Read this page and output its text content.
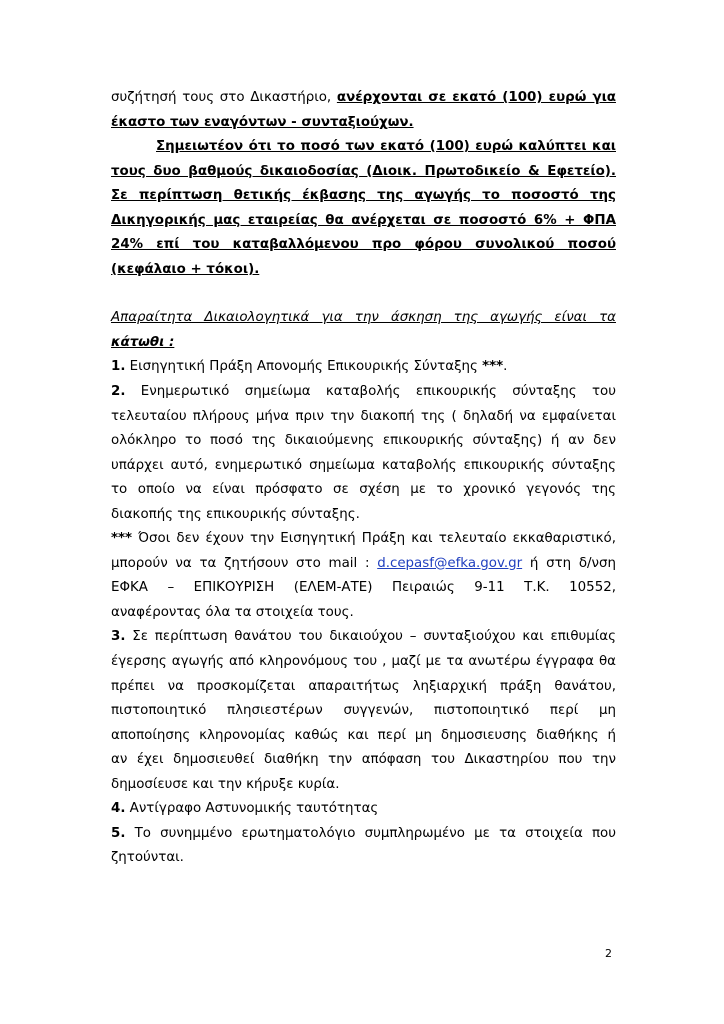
συζήτησή τους στο Δικαστήριο, ανέρχονται σε εκατό (100) ευρώ για
έκαστο των εναγόντων - συνταξιούχων.
Σημειωτέον ότι το ποσό των εκατό (100) ευρώ καλύπτει και
τους δυο βαθμούς δικαιοδοσίας (Διοικ. Πρωτοδικείο & Εφετείο).
Σε περίπτωση θετικής έκβασης της αγωγής το ποσοστό της
Δικηγορικής μας εταιρείας θα ανέρχεται σε ποσοστό 6% + ΦΠΑ
24% επί του καταβαλλόμενου προ φόρου συνολικού ποσού
(κεφάλαιο + τόκοι).
Απαραίτητα Δικαιολογητικά για την άσκηση της αγωγής είναι τα
κάτωθι :
1. Εισηγητική Πράξη Απονομής Επικουρικής Σύνταξης ***.
2. Ενημερωτικό σημείωμα καταβολής επικουρικής σύνταξης του
τελευταίου πλήρους μήνα πριν την διακοπή της ( δηλαδή να εμφαίνεται
ολόκληρο το ποσό της δικαιούμενης επικουρικής σύνταξης) ή αν δεν
υπάρχει αυτό, ενημερωτικό σημείωμα καταβολής επικουρικής σύνταξης
το οποίο να είναι πρόσφατο σε σχέση με το χρονικό γεγονός της
διακοπής της επικουρικής σύνταξης.
*** Όσοι δεν έχουν την Εισηγητική Πράξη και τελευταίο εκκαθαριστικό,
μπορούν να τα ζητήσουν στο mail : d.cepasf@efka.gov.gr ή στη δ/νση
ΕΦΚΑ – ΕΠΙΚΟΥΡΙΣΗ (ΕΛΕΜ-ΑΤΕ) Πειραιώς 9-11 Τ.Κ. 10552,
αναφέροντας όλα τα στοιχεία τους.
3. Σε περίπτωση θανάτου του δικαιούχου – συνταξιούχου και επιθυμίας
έγερσης αγωγής από κληρονόμους του , μαζί με τα ανωτέρω έγγραφα θα
πρέπει να προσκομίζεται απαραιτήτως ληξιαρχική πράξη θανάτου,
πιστοποιητικό πλησιεστέρων συγγενών, πιστοποιητικό περί μη
αποποίησης κληρονομίας καθώς και περί μη δημοσιευσης διαθήκης ή
αν έχει δημοσιευθεί διαθήκη την απόφαση του Δικαστηρίου που την
δημοσίευσε και την κήρυξε κυρία.
4. Αντίγραφο Αστυνομικής ταυτότητας
5. Το συνημμένο ερωτηματολόγιο συμπληρωμένο με τα στοιχεία που
ζητούνται.
2
